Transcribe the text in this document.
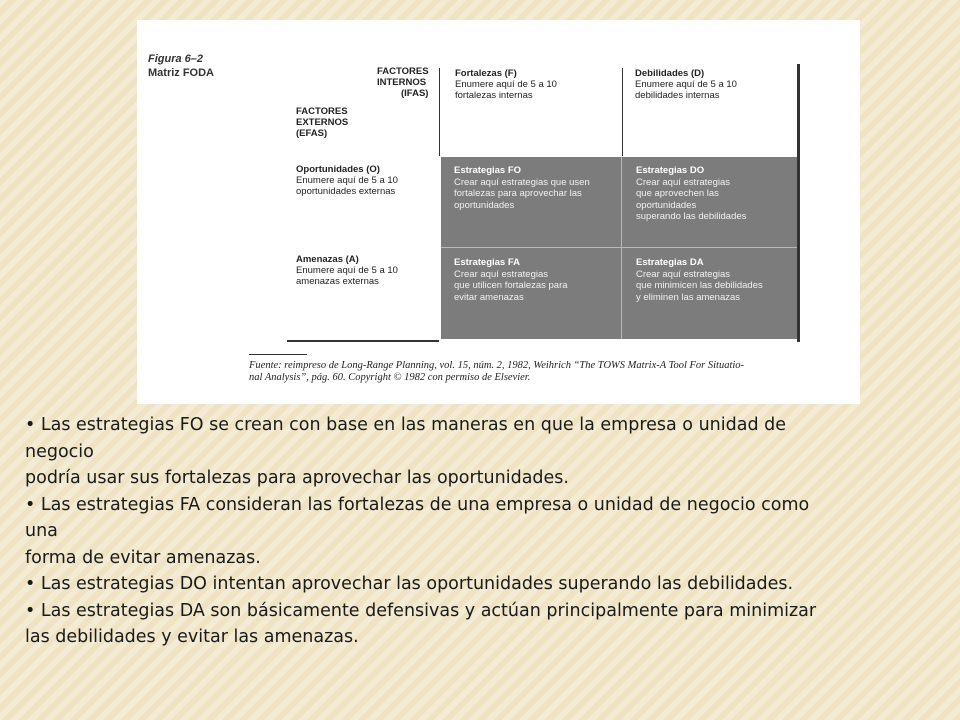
Figura 6–2
Matriz FODA	FACTORES
INTERNOS
(IFAS)
FACTORES
EXTERNOS
(EFAS)
Fortalezas (F)
Enumere aquí de 5 a 10
fortalezas internas
Debilidades (D)
Enumere aquí de 5 a 10
debilidades internas
Oportunidades (O)
Enumere aquí de 5 a 10
oportunidades externas
Amenazas (A)
Enumere aquí de 5 a 10
amenazas externas
Estrategias FO
Crear aquí estrategias que usen
fortalezas para aprovechar las
oportunidades
Estrategias DO
Crear aquí estrategias
que aprovechen las
oportunidades
superando las debilidades
Estrategias FA
Crear aquí estrategias
que utilicen fortalezas para
evitar amenazas
Estrategias DA
Crear aquí estrategias
que minimicen las debilidades
y eliminen las amenazas
Fuente: reimpreso de Long-Range Planning, vol. 15, núm. 2, 1982, Weihrich “The TOWS Matrix-A Tool For Situatio-
nal Analysis”, pág. 60. Copyright © 1982 con permiso de Elsevier.

• Las estrategias FO se crean con base en las maneras en que la empresa o unidad de

negocio

podría usar sus fortalezas para aprovechar las oportunidades.

• Las estrategias FA consideran las fortalezas de una empresa o unidad de negocio como

una

forma de evitar amenazas.

• Las estrategias DO intentan aprovechar las oportunidades superando las debilidades.

• Las estrategias DA son básicamente defensivas y actúan principalmente para minimizar

las debilidades y evitar las amenazas.
